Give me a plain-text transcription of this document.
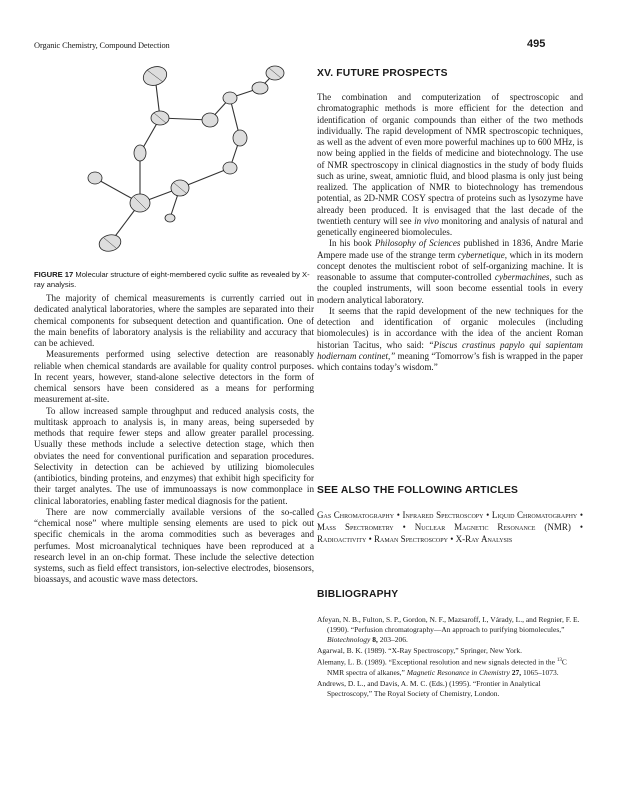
Organic Chemistry, Compound Detection	495
FIGURE 17 Molecular structure of eight-membered cyclic sulfite as revealed by X-ray analysis.

The majority of chemical measurements is currently carried out in dedicated analytical laboratories, where the samples are separated into their chemical components for subsequent detection and quantification. One of the main benefits of laboratory analysis is the reliability and accuracy that can be achieved.

Measurements performed using selective detection are reasonably reliable when chemical standards are available for quality control purposes. In recent years, however, stand-alone selective detectors in the form of chemical sensors have been considered as a means for performing measurement at-site.

To allow increased sample throughput and reduced analysis costs, the multitask approach to analysis is, in many areas, being superseded by methods that require fewer steps and allow greater parallel processing. Usually these methods include a selective detection stage, which then obviates the need for conventional purification and separation procedures. Selectivity in detection can be achieved by utilizing biomolecules (antibiotics, binding proteins, and enzymes) that exhibit high specificity for their target analytes. The use of immunoassays is now commonplace in clinical laboratories, enabling faster medical diagnosis for the patient.

There are now commercially available versions of the so-called “chemical nose” where multiple sensing elements are used to pick out specific chemicals in the aroma commodities such as beverages and perfumes. Most microanalytical techniques have been reproduced at a research level in an on-chip format. These include the selective detection systems, such as field effect transistors, ion-selective electrodes, biosensors, bioassays, and acoustic wave mass detectors.

XV. FUTURE PROSPECTS

The combination and computerization of spectroscopic and chromatographic methods is more efficient for the detection and identification of organic compounds than either of the two methods individually. The rapid development of NMR spectroscopic techniques, as well as the advent of even more powerful machines up to 600 MHz, is now being applied in the fields of medicine and biotechnology. The use of NMR spectroscopy in clinical diagnostics in the study of body fluids such as urine, sweat, amniotic fluid, and blood plasma is only just being realized. The application of NMR to biotechnology has tremendous potential, as 2D-NMR COSY spectra of proteins such as lysozyme have already been produced. It is envisaged that the last decade of the twentieth century will see in vivo monitoring and analysis of natural and genetically engineered biomolecules.

In his book Philosophy of Sciences published in 1836, Andre Marie Ampere made use of the strange term cybernetique, which in its modern concept denotes the multiscient robot of self-organizing machine. It is reasonable to assume that computer-controlled cybermachines, such as the coupled instruments, will soon become essential tools in every modern analytical laboratory.

It seems that the rapid development of the new techniques for the detection and identification of organic molecules (including biomolecules) is in accordance with the idea of the ancient Roman historian Tacitus, who said: “Piscus crastinus papylo qui sapientam hodiernam continet,” meaning “Tomorrow’s fish is wrapped in the paper which contains today’s wisdom.”

SEE ALSO THE FOLLOWING ARTICLES
Gas Chromatography • Infrared Spectroscopy • Liquid Chromatography • Mass Spectrometry • Nuclear Magnetic Resonance (NMR) • Radioactivity • Raman Spectroscopy • X-Ray Analysis
BIBLIOGRAPHY

Afeyan, N. B., Fulton, S. P., Gordon, N. F., Mazsaroff, I., Várady, L., and Regnier, F. E. (1990). “Perfusion chromatography—An approach to purifying biomolecules,” Biotechnology 8, 203–206.

Agarwal, B. K. (1989). “X-Ray Spectroscopy,” Springer, New York.

Alemany, L. B. (1989). “Exceptional resolution and new signals detected in the $^{13}$C NMR spectra of alkanes,” Magnetic Resonance in Chemistry 27, 1065–1073.

Andrews, D. L., and Davis, A. M. C. (Eds.) (1995). “Frontier in Analytical Spectroscopy,” The Royal Society of Chemistry, London.
